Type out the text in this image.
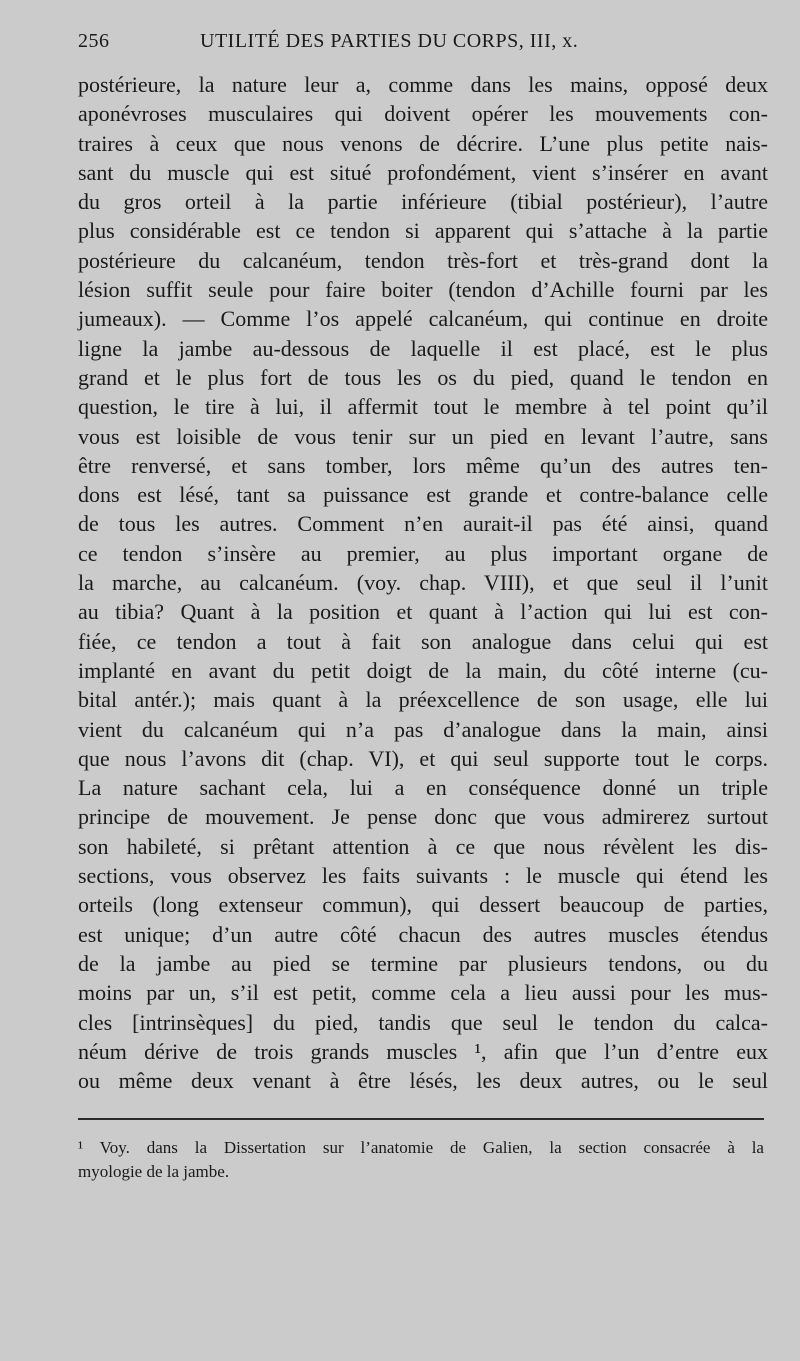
256	UTILITÉ DES PARTIES DU CORPS, III, x.
postérieure, la nature leur a, comme dans les mains, opposé deux
aponévroses musculaires qui doivent opérer les mouvements con-
traires à ceux que nous venons de décrire. L’une plus petite nais-
sant du muscle qui est situé profondément, vient s’insérer en avant
du gros orteil à la partie inférieure (tibial postérieur), l’autre
plus considérable est ce tendon si apparent qui s’attache à la partie
postérieure du calcanéum, tendon très-fort et très-grand dont la
lésion suffit seule pour faire boiter (tendon d’Achille fourni par les
jumeaux). — Comme l’os appelé calcanéum, qui continue en droite
ligne la jambe au-dessous de laquelle il est placé, est le plus
grand et le plus fort de tous les os du pied, quand le tendon en
question, le tire à lui, il affermit tout le membre à tel point qu’il
vous est loisible de vous tenir sur un pied en levant l’autre, sans
être renversé, et sans tomber, lors même qu’un des autres ten-
dons est lésé, tant sa puissance est grande et contre-balance celle
de tous les autres. Comment n’en aurait-il pas été ainsi, quand
ce tendon s’insère au premier, au plus important organe de
la marche, au calcanéum. (voy. chap. VIII), et que seul il l’unit
au tibia? Quant à la position et quant à l’action qui lui est con-
fiée, ce tendon a tout à fait son analogue dans celui qui est
implanté en avant du petit doigt de la main, du côté interne (cu-
bital antér.); mais quant à la préexcellence de son usage, elle lui
vient du calcanéum qui n’a pas d’analogue dans la main, ainsi
que nous l’avons dit (chap. VI), et qui seul supporte tout le corps.
La nature sachant cela, lui a en conséquence donné un triple
principe de mouvement. Je pense donc que vous admirerez surtout
son habileté, si prêtant attention à ce que nous révèlent les dis-
sections, vous observez les faits suivants : le muscle qui étend les
orteils (long extenseur commun), qui dessert beaucoup de parties,
est unique; d’un autre côté chacun des autres muscles étendus
de la jambe au pied se termine par plusieurs tendons, ou du
moins par un, s’il est petit, comme cela a lieu aussi pour les mus-
cles [intrinsèques] du pied, tandis que seul le tendon du calca-
néum dérive de trois grands muscles ¹, afin que l’un d’entre eux
ou même deux venant à être lésés, les deux autres, ou le seul
¹ Voy. dans la Dissertation sur l’anatomie de Galien, la section consacrée à la
myologie de la jambe.
